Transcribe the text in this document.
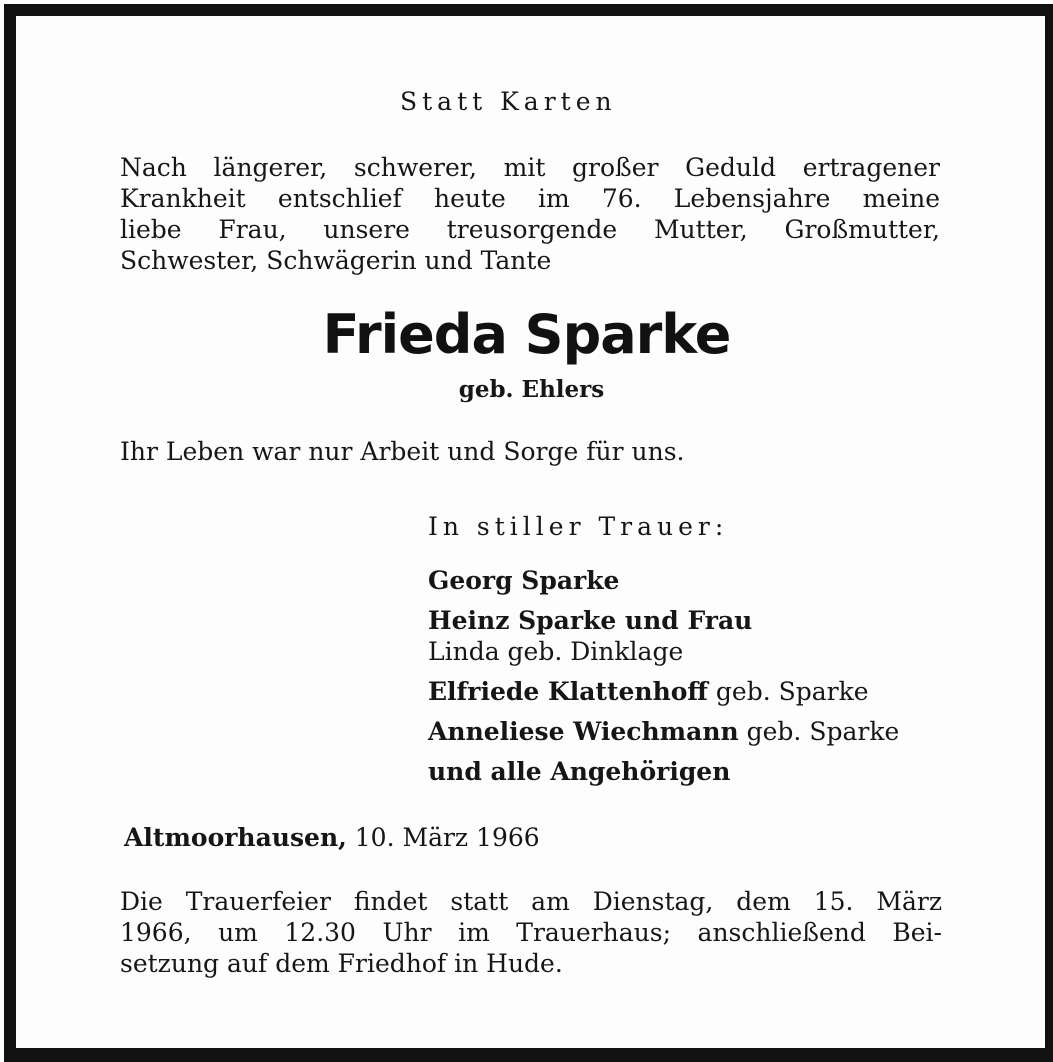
Statt Karten
Nach längerer, schwerer, mit großer Geduld ertragener
Krankheit entschlief heute im 76. Lebensjahre meine
liebe Frau, unsere treusorgende Mutter, Großmutter,
Schwester, Schwägerin und Tante
Frieda Sparke
geb. Ehlers
Ihr Leben war nur Arbeit und Sorge für uns.
In stiller Trauer:
Georg Sparke
Heinz Sparke und Frau
Linda geb. Dinklage
Elfriede Klattenhoff geb. Sparke
Anneliese Wiechmann geb. Sparke
und alle Angehörigen
Altmoorhausen, 10. März 1966
Die Trauerfeier findet statt am Dienstag, dem 15. März
1966, um 12.30 Uhr im Trauerhaus; anschließend Bei-
setzung auf dem Friedhof in Hude.
